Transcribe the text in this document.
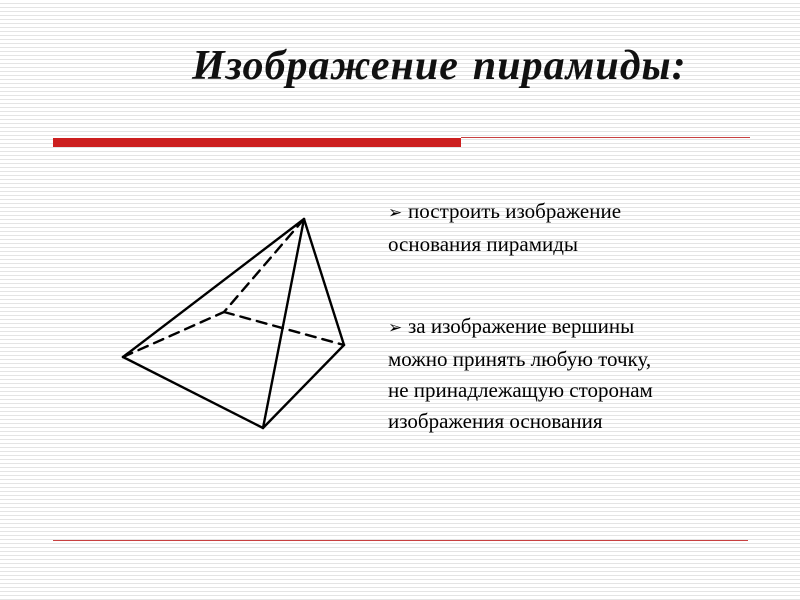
Изображение пирамиды:

➢ построить изображение
основания пирамиды

➢ за изображение вершины
можно принять любую точку,
не принадлежащую сторонам
изображения основания
